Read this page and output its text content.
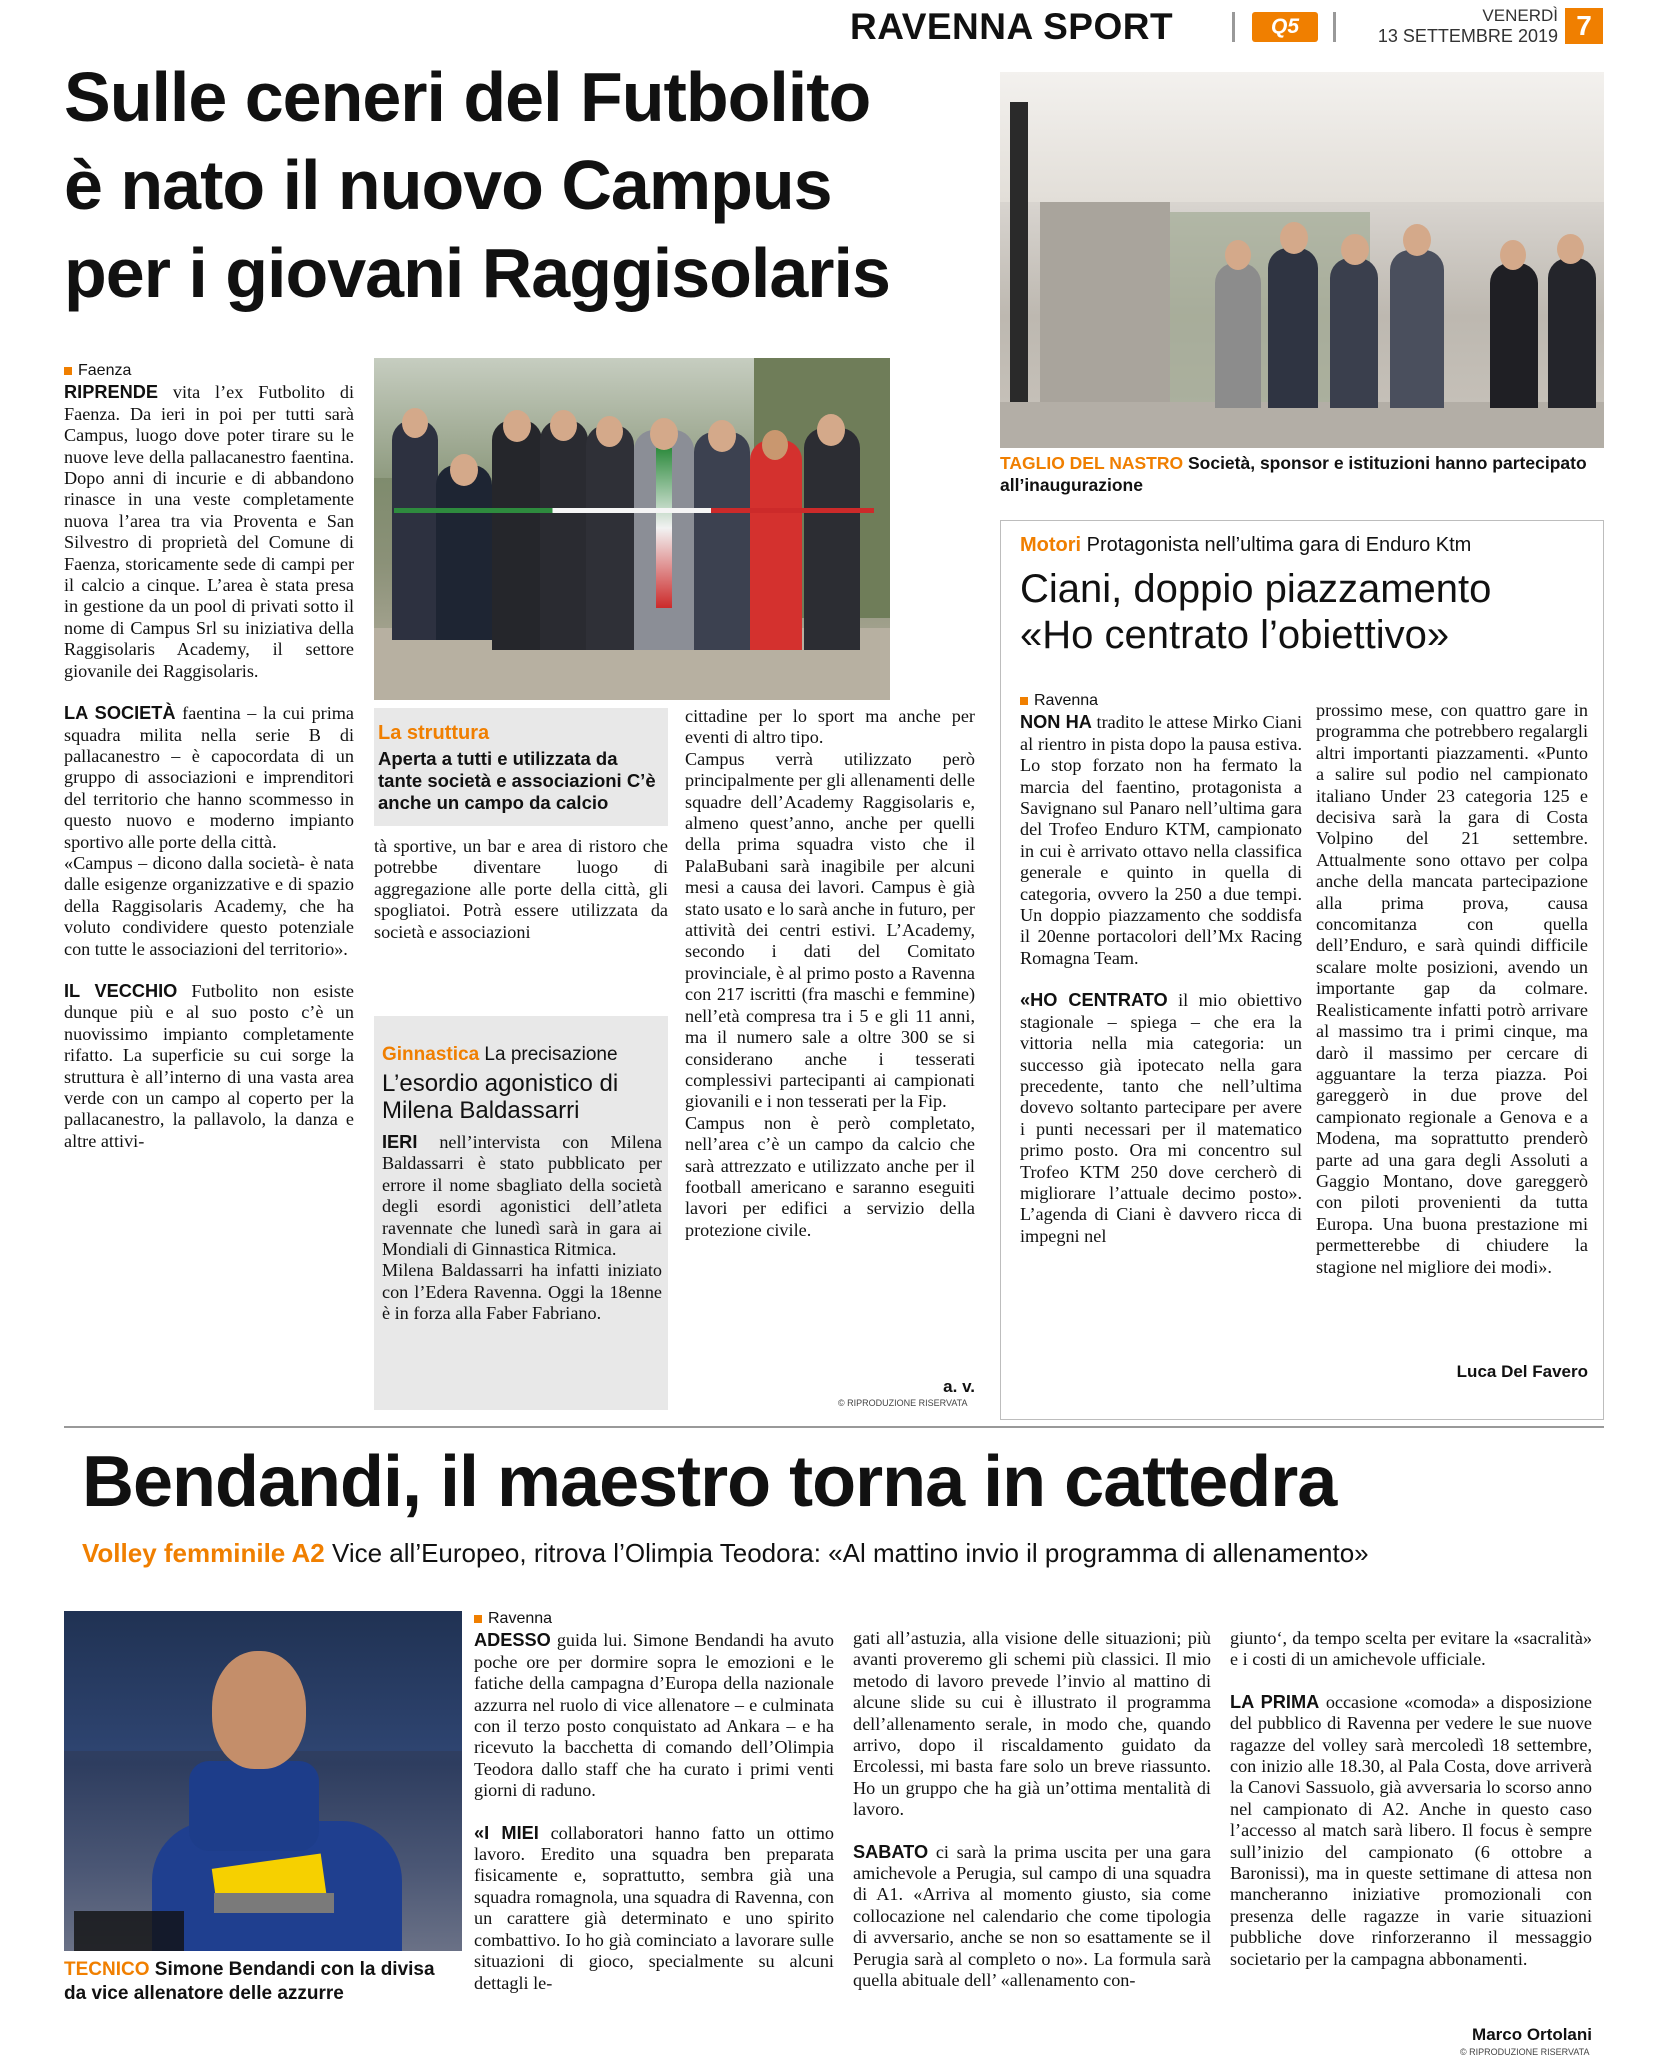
RAVENNA SPORT	Q5	VENERDÌ
13 SETTEMBRE 2019 7
Sulle ceneri del Futbolito
è nato il nuovo Campus
per i giovani Raggisolaris
TAGLIO DEL NASTRO Società, sponsor e istituzioni hanno partecipato all’inaugurazione
Faenza

RIPRENDE vita l’ex Futbolito di Faenza. Da ieri in poi per tutti sarà Campus, luogo dove poter tirare su le nuove leve della pallacanestro faentina. Dopo anni di incurie e di abbandono rinasce in una veste completamente nuova l’area tra via Proventa e San Silvestro di proprietà del Comune di Faenza, storicamente sede di campi per il calcio a cinque. L’area è stata presa in gestione da un pool di privati sotto il nome di Campus Srl su iniziativa della Raggisolaris Academy, il settore giovanile dei Raggisolaris.

LA SOCIETÀ faentina – la cui prima squadra milita nella serie B di pallacanestro – è capocordata di un gruppo di associazioni e imprenditori del territorio che hanno scommesso in questo nuovo e moderno impianto sportivo alle porte della città.

«Campus – dicono dalla società- è nata dalle esigenze organizzative e di spazio della Raggisolaris Academy, che ha voluto condividere questo potenziale con tutte le associazioni del territorio».

IL VECCHIO Futbolito non esiste dunque più e al suo posto c’è un nuovissimo impianto completamente rifatto. La superficie su cui sorge la struttura è all’interno di una vasta area verde con un campo al coperto per la pallacanestro, la pallavolo, la danza e altre attivi-

La struttura
Aperta a tutti e utilizzata da tante società e associazioni C’è anche un campo da calcio

tà sportive, un bar e area di ristoro che potrebbe diventare luogo di aggregazione alle porte della città, gli spogliatoi. Potrà essere utilizzata da società e associazioni

Ginnastica La precisazione
L’esordio agonistico di Milena Baldassarri

IERI nell’intervista con Milena Baldassarri è stato pubblicato per errore il nome sbagliato della società degli esordi agonistici dell’atleta ravennate che lunedì sarà in gara ai Mondiali di Ginnastica Ritmica.

Milena Baldassarri ha infatti iniziato con l’Edera Ravenna. Oggi la 18enne è in forza alla Faber Fabriano.

cittadine per lo sport ma anche per eventi di altro tipo.

Campus verrà utilizzato però principalmente per gli allenamenti delle squadre dell’Academy Raggisolaris e, almeno quest’anno, anche per quelli della prima squadra visto che il PalaBubani sarà inagibile per alcuni mesi a causa dei lavori. Campus è già stato usato e lo sarà anche in futuro, per attività dei centri estivi. L’Academy, secondo i dati del Comitato provinciale, è al primo posto a Ravenna con 217 iscritti (fra maschi e femmine) nell’età compresa tra i 5 e gli 11 anni, ma il numero sale a oltre 300 se si considerano anche i tesserati complessivi partecipanti ai campionati giovanili e i non tesserati per la Fip.

Campus non è però completato, nell’area c’è un campo da calcio che sarà attrezzato e utilizzato anche per il football americano e saranno eseguiti lavori per edifici a servizio della protezione civile.

a. v.
© RIPRODUZIONE RISERVATA
Motori Protagonista nell’ultima gara di Enduro Ktm
Ciani, doppio piazzamento
«Ho centrato l’obiettivo»
Ravenna

NON HA tradito le attese Mirko Ciani al rientro in pista dopo la pausa estiva. Lo stop forzato non ha fermato la marcia del faentino, protagonista a Savignano sul Panaro nell’ultima gara del Trofeo Enduro KTM, campionato in cui è arrivato ottavo nella classifica generale e quinto in quella di categoria, ovvero la 250 a due tempi. Un doppio piazzamento che soddisfa il 20enne portacolori dell’Mx Racing Romagna Team.

«HO CENTRATO il mio obiettivo stagionale – spiega – che era la vittoria nella mia categoria: un successo già ipotecato nella gara precedente, tanto che nell’ultima dovevo soltanto partecipare per avere i punti necessari per il matematico primo posto. Ora mi concentro sul Trofeo KTM 250 dove cercherò di migliorare l’attuale decimo posto». L’agenda di Ciani è davvero ricca di impegni nel

prossimo mese, con quattro gare in programma che potrebbero regalargli altri importanti piazzamenti. «Punto a salire sul podio nel campionato italiano Under 23 categoria 125 e decisiva sarà la gara di Costa Volpino del 21 settembre. Attualmente sono ottavo per colpa anche della mancata partecipazione alla prima prova, causa concomitanza con quella dell’Enduro, e sarà quindi difficile scalare molte posizioni, avendo un importante gap da colmare. Realisticamente infatti potrò arrivare al massimo tra i primi cinque, ma darò il massimo per cercare di agguantare la terza piazza. Poi gareggerò in due prove del campionato regionale a Genova e a Modena, ma soprattutto prenderò parte ad una gara degli Assoluti a Gaggio Montano, dove gareggerò con piloti provenienti da tutta Europa. Una buona prestazione mi permetterebbe di chiudere la stagione nel migliore dei modi».

Luca Del Favero
Bendandi, il maestro torna in cattedra
Volley femminile A2 Vice all’Europeo, ritrova l’Olimpia Teodora: «Al mattino invio il programma di allenamento»
TECNICO Simone Bendandi con la divisa da vice allenatore delle azzurre
Ravenna

ADESSO guida lui. Simone Bendandi ha avuto poche ore per dormire sopra le emozioni e le fatiche della campagna d’Europa della nazionale azzurra nel ruolo di vice allenatore – e culminata con il terzo posto conquistato ad Ankara – e ha ricevuto la bacchetta di comando dell’Olimpia Teodora dallo staff che ha curato i primi venti giorni di raduno.

«I MIEI collaboratori hanno fatto un ottimo lavoro. Eredito una squadra ben preparata fisicamente e, soprattutto, sembra già una squadra romagnola, una squadra di Ravenna, con un carattere già determinato e uno spirito combattivo. Io ho già cominciato a lavorare sulle situazioni di gioco, specialmente su alcuni dettagli le-

gati all’astuzia, alla visione delle situazioni; più avanti proveremo gli schemi più classici. Il mio metodo di lavoro prevede l’invio al mattino di alcune slide su cui è illustrato il programma dell’allenamento serale, in modo che, quando arrivo, dopo il riscaldamento guidato da Ercolessi, mi basta fare solo un breve riassunto. Ho un gruppo che ha già un’ottima mentalità di lavoro.

SABATO ci sarà la prima uscita per una gara amichevole a Perugia, sul campo di una squadra di A1. «Arriva al momento giusto, sia come collocazione nel calendario che come tipologia di avversario, anche se non so esattamente se il Perugia sarà al completo o no». La formula sarà quella abituale dell’ «allenamento con-

giunto‘, da tempo scelta per evitare la «sacralità» e i costi di un amichevole ufficiale.

LA PRIMA occasione «comoda» a disposizione del pubblico di Ravenna per vedere le sue nuove ragazze del volley sarà mercoledì 18 settembre, con inizio alle 18.30, al Pala Costa, dove arriverà la Canovi Sassuolo, già avversaria lo scorso anno nel campionato di A2. Anche in questo caso l’accesso al match sarà libero. Il focus è sempre sull’inizio del campionato (6 ottobre a Baronissi), ma in queste settimane di attesa non mancheranno iniziative promozionali con presenza delle ragazze in varie situazioni pubbliche dove rinforzeranno il messaggio societario per la campagna abbonamenti.

Marco Ortolani
© RIPRODUZIONE RISERVATA
